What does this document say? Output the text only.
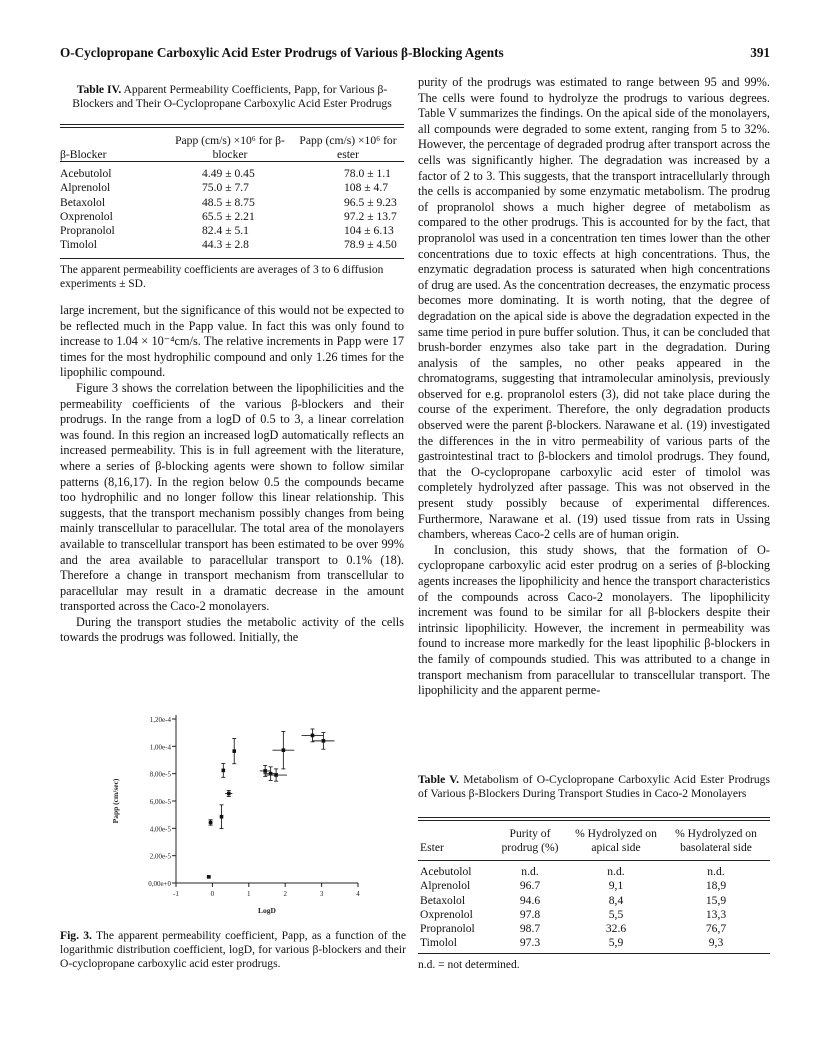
O-Cyclopropane Carboxylic Acid Ester Prodrugs of Various β-Blocking Agents	391
Table IV. Apparent Permeability Coefficients, Papp, for Various β-Blockers and Their O-Cyclopropane Carboxylic Acid Ester Prodrugs
β-Blocker	Papp (cm/s) ×10⁶ for β-blocker	Papp (cm/s) ×10⁶ for ester
Acebutolol	4.49 ± 0.45	78.0 ± 1.1
Alprenolol	75.0 ± 7.7	108 ± 4.7
Betaxolol	48.5 ± 8.75	96.5 ± 9.23
Oxprenolol	65.5 ± 2.21	97.2 ± 13.7
Propranolol	82.4 ± 5.1	104 ± 6.13
Timolol	44.3 ± 2.8	78.9 ± 4.50
The apparent permeability coefficients are averages of 3 to 6 diffusion experiments ± SD.

large increment, but the significance of this would not be expected to be reflected much in the Papp value. In fact this was only found to increase to 1.04 × 10⁻⁴cm/s. The relative increments in Papp were 17 times for the most hydrophilic compound and only 1.26 times for the lipophilic compound.

Figure 3 shows the correlation between the lipophilicities and the permeability coefficients of the various β-blockers and their prodrugs. In the range from a logD of 0.5 to 3, a linear correlation was found. In this region an increased logD automatically reflects an increased permeability. This is in full agreement with the literature, where a series of β-blocking agents were shown to follow similar patterns (8,16,17). In the region below 0.5 the compounds became too hydrophilic and no longer follow this linear relationship. This suggests, that the transport mechanism possibly changes from being mainly transcellular to paracellular. The total area of the monolayers available to transcellular transport has been estimated to be over 99% and the area available to paracellular transport to 0.1% (18). Therefore a change in transport mechanism from transcellular to paracellular may result in a dramatic decrease in the amount transported across the Caco-2 monolayers.

During the transport studies the metabolic activity of the cells towards the prodrugs was followed. Initially, the

0,00e+0
2,00e-5
4,00e-5
6,00e-5
8,00e-5
1,00e-4
1,20e-4
-1	0	1	2	3	4
LogD
Papp (cm/sec)
Fig. 3. The apparent permeability coefficient, Papp, as a function of the logarithmic distribution coefficient, logD, for various β-blockers and their O-cyclopropane carboxylic acid ester prodrugs.

purity of the prodrugs was estimated to range between 95 and 99%. The cells were found to hydrolyze the prodrugs to various degrees. Table V summarizes the findings. On the apical side of the monolayers, all compounds were degraded to some extent, ranging from 5 to 32%. However, the percentage of degraded prodrug after transport across the cells was significantly higher. The degradation was increased by a factor of 2 to 3. This suggests, that the transport intracellularly through the cells is accompanied by some enzymatic metabolism. The prodrug of propranolol shows a much higher degree of metabolism as compared to the other prodrugs. This is accounted for by the fact, that propranolol was used in a concentration ten times lower than the other concentrations due to toxic effects at high concentrations. Thus, the enzymatic degradation process is saturated when high concentrations of drug are used. As the concentration decreases, the enzymatic process becomes more dominating. It is worth noting, that the degree of degradation on the apical side is above the degradation expected in the same time period in pure buffer solution. Thus, it can be concluded that brush-border enzymes also take part in the degradation. During analysis of the samples, no other peaks appeared in the chromatograms, suggesting that intramolecular aminolysis, previously observed for e.g. propranolol esters (3), did not take place during the course of the experiment. Therefore, the only degradation products observed were the parent β-blockers. Narawane et al. (19) investigated the differences in the in vitro permeability of various parts of the gastrointestinal tract to β-blockers and timolol prodrugs. They found, that the O-cyclopropane carboxylic acid ester of timolol was completely hydrolyzed after passage. This was not observed in the present study possibly because of experimental differences. Furthermore, Narawane et al. (19) used tissue from rats in Ussing chambers, whereas Caco-2 cells are of human origin.

In conclusion, this study shows, that the formation of O-cyclopropane carboxylic acid ester prodrug on a series of β-blocking agents increases the lipophilicity and hence the transport characteristics of the compounds across Caco-2 monolayers. The lipophilicity increment was found to be similar for all β-blockers despite their intrinsic lipophilicity. However, the increment in permeability was found to increase more markedly for the least lipophilic β-blockers in the family of compounds studied. This was attributed to a change in transport mechanism from paracellular to transcellular transport. The lipophilicity and the apparent perme-

Table V. Metabolism of O-Cyclopropane Carboxylic Acid Ester Prodrugs of Various β-Blockers During Transport Studies in Caco-2 Monolayers
Ester	Purity of prodrug (%)	% Hydrolyzed on apical side	% Hydrolyzed on basolateral side
Acebutolol	n.d.	n.d.	n.d.
Alprenolol	96.7	9,1	18,9
Betaxolol	94.6	8,4	15,9
Oxprenolol	97.8	5,5	13,3
Propranolol	98.7	32.6	76,7
Timolol	97.3	5,9	9,3
n.d. = not determined.
